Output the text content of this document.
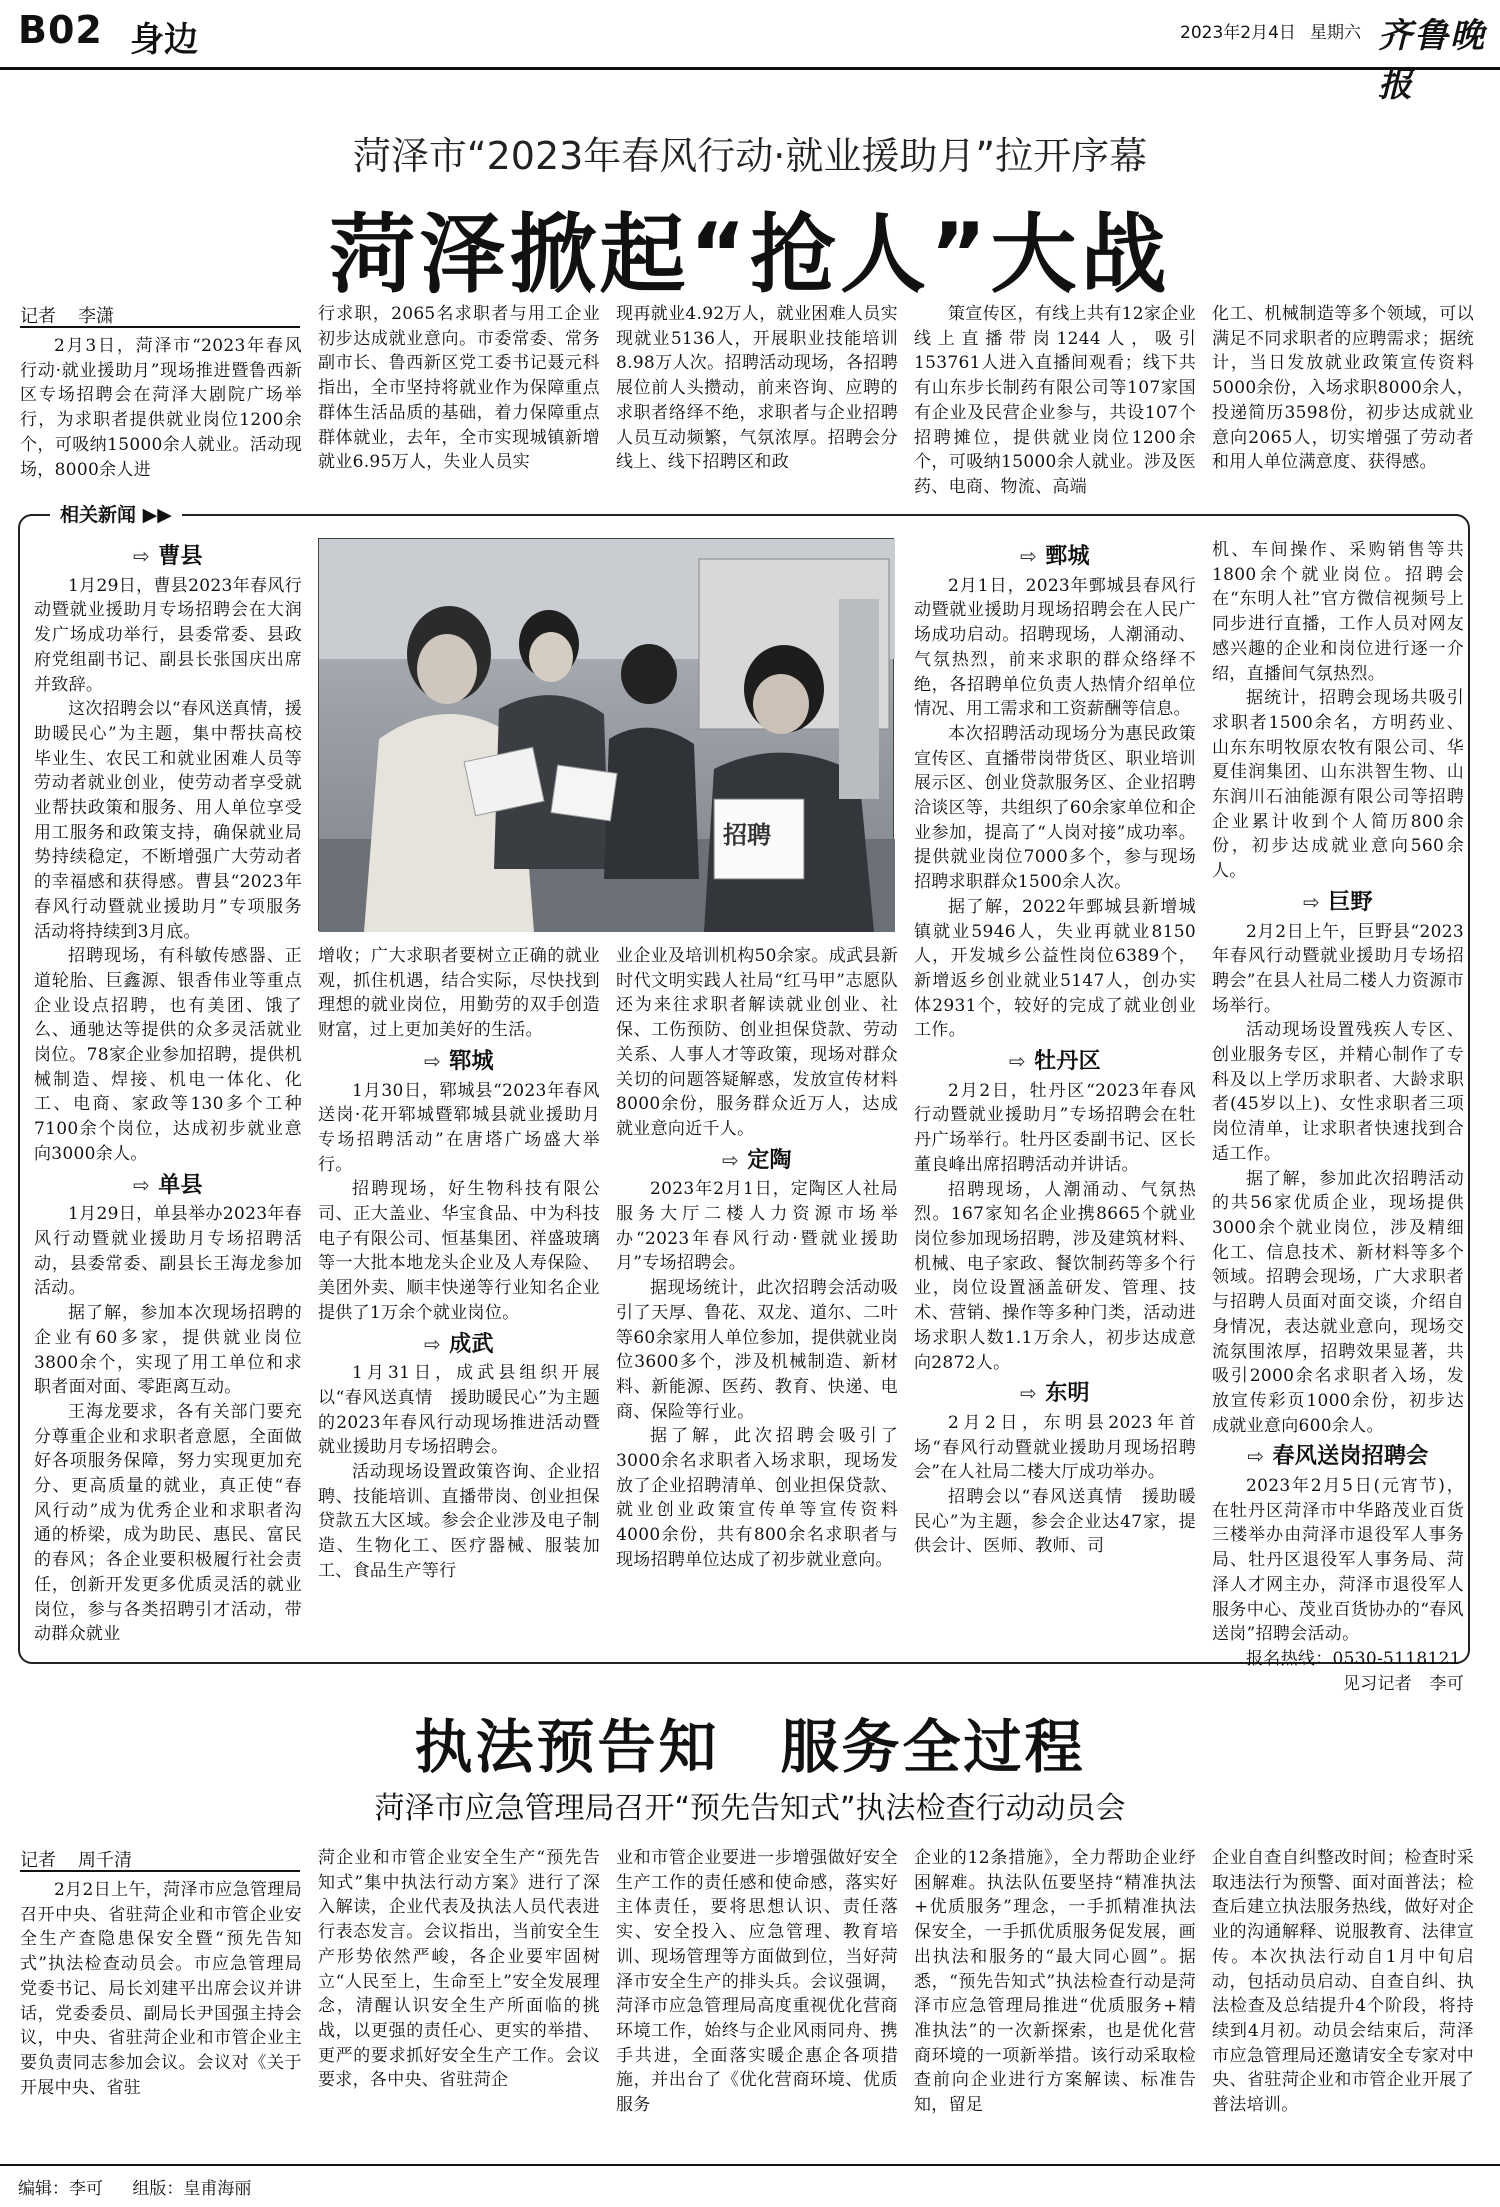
B02 身边	2023年2月4日 星期六 齐鲁晚报
菏泽市“2023年春风行动·就业援助月”拉开序幕
菏泽掀起“抢人”大战
记者 李潇

2月3日，菏泽市“2023年春风行动·就业援助月”现场推进暨鲁西新区专场招聘会在菏泽大剧院广场举行，为求职者提供就业岗位1200余个，可吸纳15000余人就业。活动现场，8000余人进

行求职，2065名求职者与用工企业初步达成就业意向。市委常委、常务副市长、鲁西新区党工委书记聂元科指出，全市坚持将就业作为保障重点群体生活品质的基础，着力保障重点群体就业，去年，全市实现城镇新增就业6.95万人，失业人员实

现再就业4.92万人，就业困难人员实现就业5136人，开展职业技能培训8.98万人次。招聘活动现场，各招聘展位前人头攒动，前来咨询、应聘的求职者络绎不绝，求职者与企业招聘人员互动频繁，气氛浓厚。招聘会分线上、线下招聘区和政

策宣传区，有线上共有12家企业线上直播带岗1244人，吸引153761人进入直播间观看；线下共有山东步长制药有限公司等107家国有企业及民营企业参与，共设107个招聘摊位，提供就业岗位1200余个，可吸纳15000余人就业。涉及医药、电商、物流、高端

化工、机械制造等多个领域，可以满足不同求职者的应聘需求；据统计，当日发放就业政策宣传资料5000余份，入场求职8000余人，投递简历3598份，初步达成就业意向2065人，切实增强了劳动者和用人单位满意度、获得感。

相关新闻 ▶▶
⇨ 曹县

1月29日，曹县2023年春风行动暨就业援助月专场招聘会在大润发广场成功举行，县委常委、县政府党组副书记、副县长张国庆出席并致辞。

这次招聘会以“春风送真情，援助暖民心”为主题，集中帮扶高校毕业生、农民工和就业困难人员等劳动者就业创业，使劳动者享受就业帮扶政策和服务、用人单位享受用工服务和政策支持，确保就业局势持续稳定，不断增强广大劳动者的幸福感和获得感。曹县“2023年春风行动暨就业援助月”专项服务活动将持续到3月底。

招聘现场，有科敏传感器、正道轮胎、巨鑫源、银香伟业等重点企业设点招聘，也有美团、饿了么、通驰达等提供的众多灵活就业岗位。78家企业参加招聘，提供机械制造、焊接、机电一体化、化工、电商、家政等130多个工种7100余个岗位，达成初步就业意向3000余人。

⇨ 单县

1月29日，单县举办2023年春风行动暨就业援助月专场招聘活动，县委常委、副县长王海龙参加活动。

据了解，参加本次现场招聘的企业有60多家，提供就业岗位3800余个，实现了用工单位和求职者面对面、零距离互动。

王海龙要求，各有关部门要充分尊重企业和求职者意愿，全面做好各项服务保障，努力实现更加充分、更高质量的就业，真正使“春风行动”成为优秀企业和求职者沟通的桥梁，成为助民、惠民、富民的春风；各企业要积极履行社会责任，创新开发更多优质灵活的就业岗位，参与各类招聘引才活动，带动群众就业

招聘

增收；广大求职者要树立正确的就业观，抓住机遇，结合实际，尽快找到理想的就业岗位，用勤劳的双手创造财富，过上更加美好的生活。

⇨ 郓城

1月30日，郓城县“2023年春风送岗·花开郓城暨郓城县就业援助月专场招聘活动”在唐塔广场盛大举行。

招聘现场，好生物科技有限公司、正大盖业、华宝食品、中为科技电子有限公司、恒基集团、祥盛玻璃等一大批本地龙头企业及人寿保险、美团外卖、顺丰快递等行业知名企业提供了1万余个就业岗位。

⇨ 成武

1月31日，成武县组织开展以“春风送真情　援助暖民心”为主题的2023年春风行动现场推进活动暨就业援助月专场招聘会。

活动现场设置政策咨询、企业招聘、技能培训、直播带岗、创业担保贷款五大区域。参会企业涉及电子制造、生物化工、医疗器械、服装加工、食品生产等行

业企业及培训机构50余家。成武县新时代文明实践人社局“红马甲”志愿队还为来往求职者解读就业创业、社保、工伤预防、创业担保贷款、劳动关系、人事人才等政策，现场对群众关切的问题答疑解惑，发放宣传材料8000余份，服务群众近万人，达成就业意向近千人。

⇨ 定陶

2023年2月1日，定陶区人社局服务大厅二楼人力资源市场举办“2023年春风行动·暨就业援助月”专场招聘会。

据现场统计，此次招聘会活动吸引了天厚、鲁花、双龙、道尔、二叶等60余家用人单位参加，提供就业岗位3600多个，涉及机械制造、新材料、新能源、医药、教育、快递、电商、保险等行业。

据了解，此次招聘会吸引了3000余名求职者入场求职，现场发放了企业招聘清单、创业担保贷款、就业创业政策宣传单等宣传资料4000余份，共有800余名求职者与现场招聘单位达成了初步就业意向。

⇨ 鄄城

2月1日，2023年鄄城县春风行动暨就业援助月现场招聘会在人民广场成功启动。招聘现场，人潮涌动、气氛热烈，前来求职的群众络绎不绝，各招聘单位负责人热情介绍单位情况、用工需求和工资薪酬等信息。

本次招聘活动现场分为惠民政策宣传区、直播带岗带货区、职业培训展示区、创业贷款服务区、企业招聘洽谈区等，共组织了60余家单位和企业参加，提高了“人岗对接”成功率。提供就业岗位7000多个，参与现场招聘求职群众1500余人次。

据了解，2022年鄄城县新增城镇就业5946人，失业再就业8150人，开发城乡公益性岗位6389个，新增返乡创业就业5147人，创办实体2931个，较好的完成了就业创业工作。

⇨ 牡丹区

2月2日，牡丹区“2023年春风行动暨就业援助月”专场招聘会在牡丹广场举行。牡丹区委副书记、区长董良峰出席招聘活动并讲话。

招聘现场，人潮涌动、气氛热烈。167家知名企业携8665个就业岗位参加现场招聘，涉及建筑材料、机械、电子家政、餐饮制药等多个行业，岗位设置涵盖研发、管理、技术、营销、操作等多种门类，活动进场求职人数1.1万余人，初步达成意向2872人。

⇨ 东明

2月2日，东明县2023年首场“春风行动暨就业援助月现场招聘会”在人社局二楼大厅成功举办。

招聘会以“春风送真情　援助暖民心”为主题，参会企业达47家，提供会计、医师、教师、司

机、车间操作、采购销售等共1800余个就业岗位。招聘会在“东明人社”官方微信视频号上同步进行直播，工作人员对网友感兴趣的企业和岗位进行逐一介绍，直播间气氛热烈。

据统计，招聘会现场共吸引求职者1500余名，方明药业、山东东明牧原农牧有限公司、华夏佳润集团、山东洪智生物、山东润川石油能源有限公司等招聘企业累计收到个人简历800余份，初步达成就业意向560余人。

⇨ 巨野

2月2日上午，巨野县“2023年春风行动暨就业援助月专场招聘会”在县人社局二楼人力资源市场举行。

活动现场设置残疾人专区、创业服务专区，并精心制作了专科及以上学历求职者、大龄求职者(45岁以上)、女性求职者三项岗位清单，让求职者快速找到合适工作。

据了解，参加此次招聘活动的共56家优质企业，现场提供3000余个就业岗位，涉及精细化工、信息技术、新材料等多个领域。招聘会现场，广大求职者与招聘人员面对面交谈，介绍自身情况，表达就业意向，现场交流氛围浓厚，招聘效果显著，共吸引2000余名求职者入场，发放宣传彩页1000余份，初步达成就业意向600余人。

⇨ 春风送岗招聘会

2023年2月5日(元宵节)，在牡丹区菏泽市中华路茂业百货三楼举办由菏泽市退役军人事务局、牡丹区退役军人事务局、菏泽人才网主办，菏泽市退役军人服务中心、茂业百货协办的“春风送岗”招聘会活动。

报名热线：0530-5118121

见习记者　李可

执法预告知　服务全过程
菏泽市应急管理局召开“预先告知式”执法检查行动动员会
记者 周千清

2月2日上午，菏泽市应急管理局召开中央、省驻菏企业和市管企业安全生产查隐患保安全暨“预先告知式”执法检查动员会。市应急管理局党委书记、局长刘建平出席会议并讲话，党委委员、副局长尹国强主持会议，中央、省驻菏企业和市管企业主要负责同志参加会议。会议对《关于开展中央、省驻

菏企业和市管企业安全生产“预先告知式”集中执法行动方案》进行了深入解读，企业代表及执法人员代表进行表态发言。会议指出，当前安全生产形势依然严峻，各企业要牢固树立“人民至上，生命至上”安全发展理念，清醒认识安全生产所面临的挑战，以更强的责任心、更实的举措、更严的要求抓好安全生产工作。会议要求，各中央、省驻菏企

业和市管企业要进一步增强做好安全生产工作的责任感和使命感，落实好主体责任，要将思想认识、责任落实、安全投入、应急管理、教育培训、现场管理等方面做到位，当好菏泽市安全生产的排头兵。会议强调，菏泽市应急管理局高度重视优化营商环境工作，始终与企业风雨同舟、携手共进，全面落实暖企惠企各项措施，并出台了《优化营商环境、优质服务

企业的12条措施》，全力帮助企业纾困解难。执法队伍要坚持“精准执法+优质服务”理念，一手抓精准执法保安全，一手抓优质服务促发展，画出执法和服务的“最大同心圆”。据悉，“预先告知式”执法检查行动是菏泽市应急管理局推进“优质服务+精准执法”的一次新探索，也是优化营商环境的一项新举措。该行动采取检查前向企业进行方案解读、标准告知，留足

企业自查自纠整改时间；检查时采取违法行为预警、面对面普法；检查后建立执法服务热线，做好对企业的沟通解释、说服教育、法律宣传。本次执法行动自1月中旬启动，包括动员启动、自查自纠、执法检查及总结提升4个阶段，将持续到4月初。动员会结束后，菏泽市应急管理局还邀请安全专家对中央、省驻菏企业和市管企业开展了普法培训。

编辑：李可 组版：皇甫海丽
